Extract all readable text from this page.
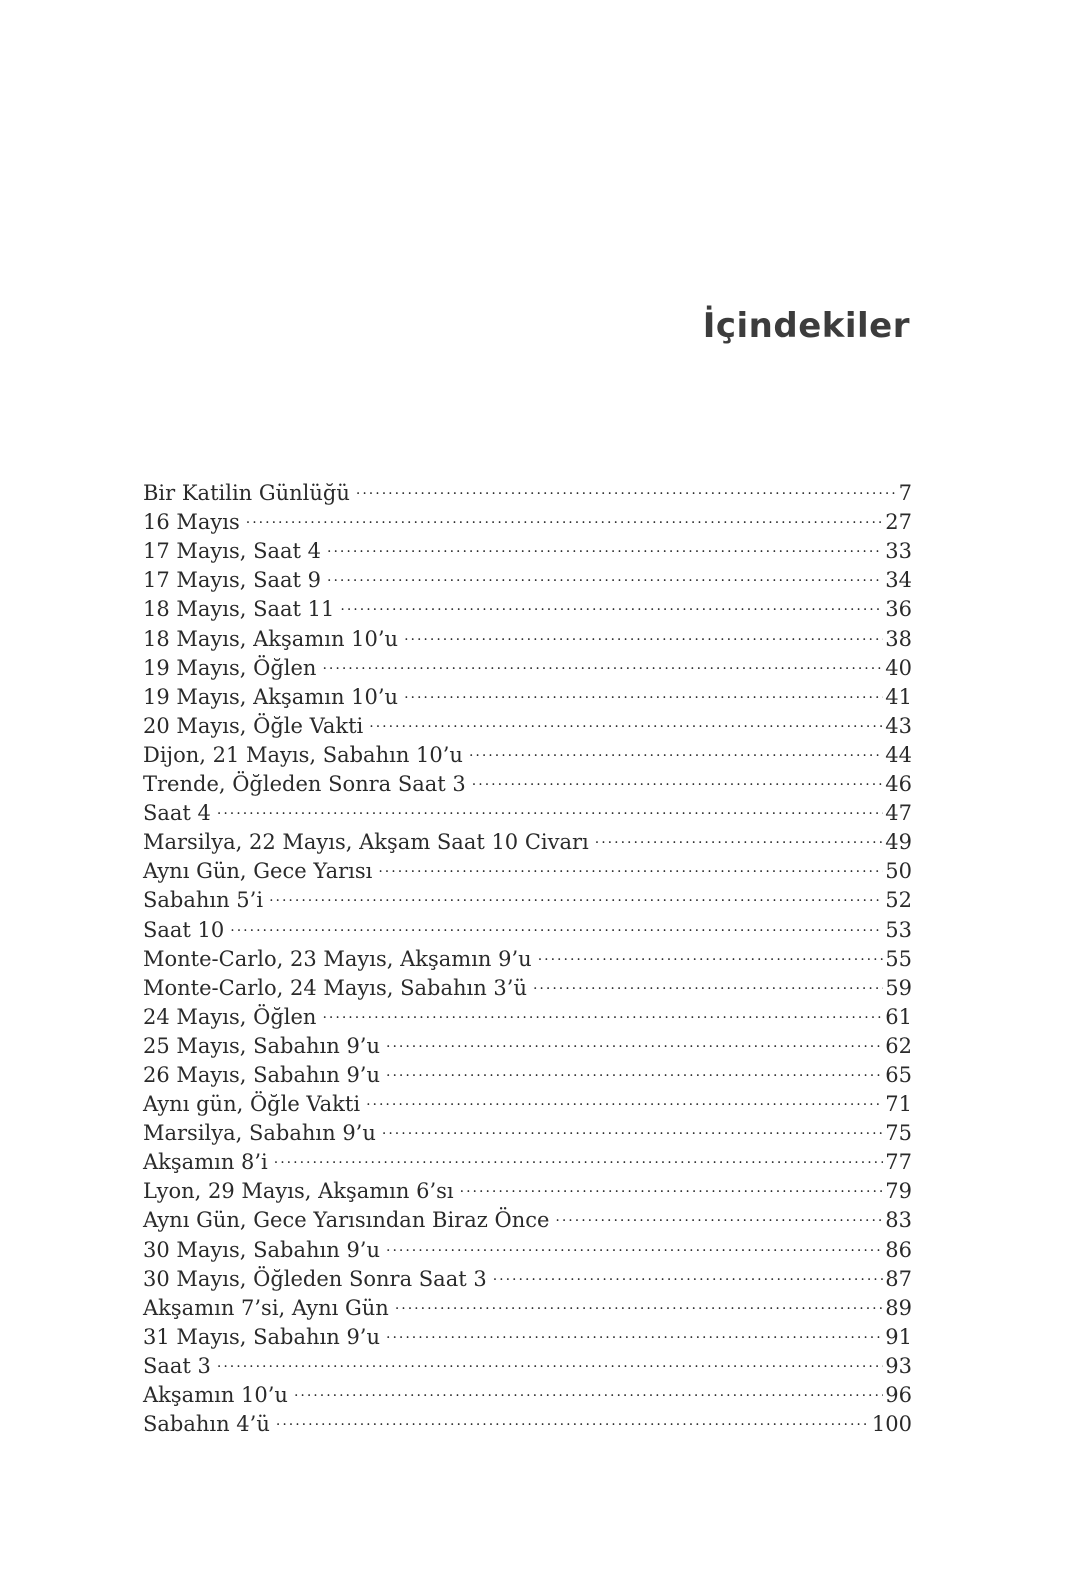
İçindekiler
Bir Katilin Günlüğü .....	7
16 Mayıs .....	27
17 Mayıs, Saat 4 .....	33
17 Mayıs, Saat 9 .....	34
18 Mayıs, Saat 11 .....	36
18 Mayıs, Akşamın 10’u .....	38
19 Mayıs, Öğlen .....	40
19 Mayıs, Akşamın 10’u .....	41
20 Mayıs, Öğle Vakti .....	43
Dijon, 21 Mayıs, Sabahın 10’u .....	44
Trende, Öğleden Sonra Saat 3 .....	46
Saat 4 .....	47
Marsilya, 22 Mayıs, Akşam Saat 10 Civarı .....	49
Aynı Gün, Gece Yarısı .....	50
Sabahın 5’i .....	52
Saat 10 .....	53
Monte-Carlo, 23 Mayıs, Akşamın 9’u .....	55
Monte-Carlo, 24 Mayıs, Sabahın 3’ü .....	59
24 Mayıs, Öğlen .....	61
25 Mayıs, Sabahın 9’u .....	62
26 Mayıs, Sabahın 9’u .....	65
Aynı gün, Öğle Vakti .....	71
Marsilya, Sabahın 9’u .....	75
Akşamın 8’i .....	77
Lyon, 29 Mayıs, Akşamın 6’sı .....	79
Aynı Gün, Gece Yarısından Biraz Önce .....	83
30 Mayıs, Sabahın 9’u .....	86
30 Mayıs, Öğleden Sonra Saat 3 .....	87
Akşamın 7’si, Aynı Gün .....	89
31 Mayıs, Sabahın 9’u .....	91
Saat 3 .....	93
Akşamın 10’u .....	96
Sabahın 4’ü .....	100
